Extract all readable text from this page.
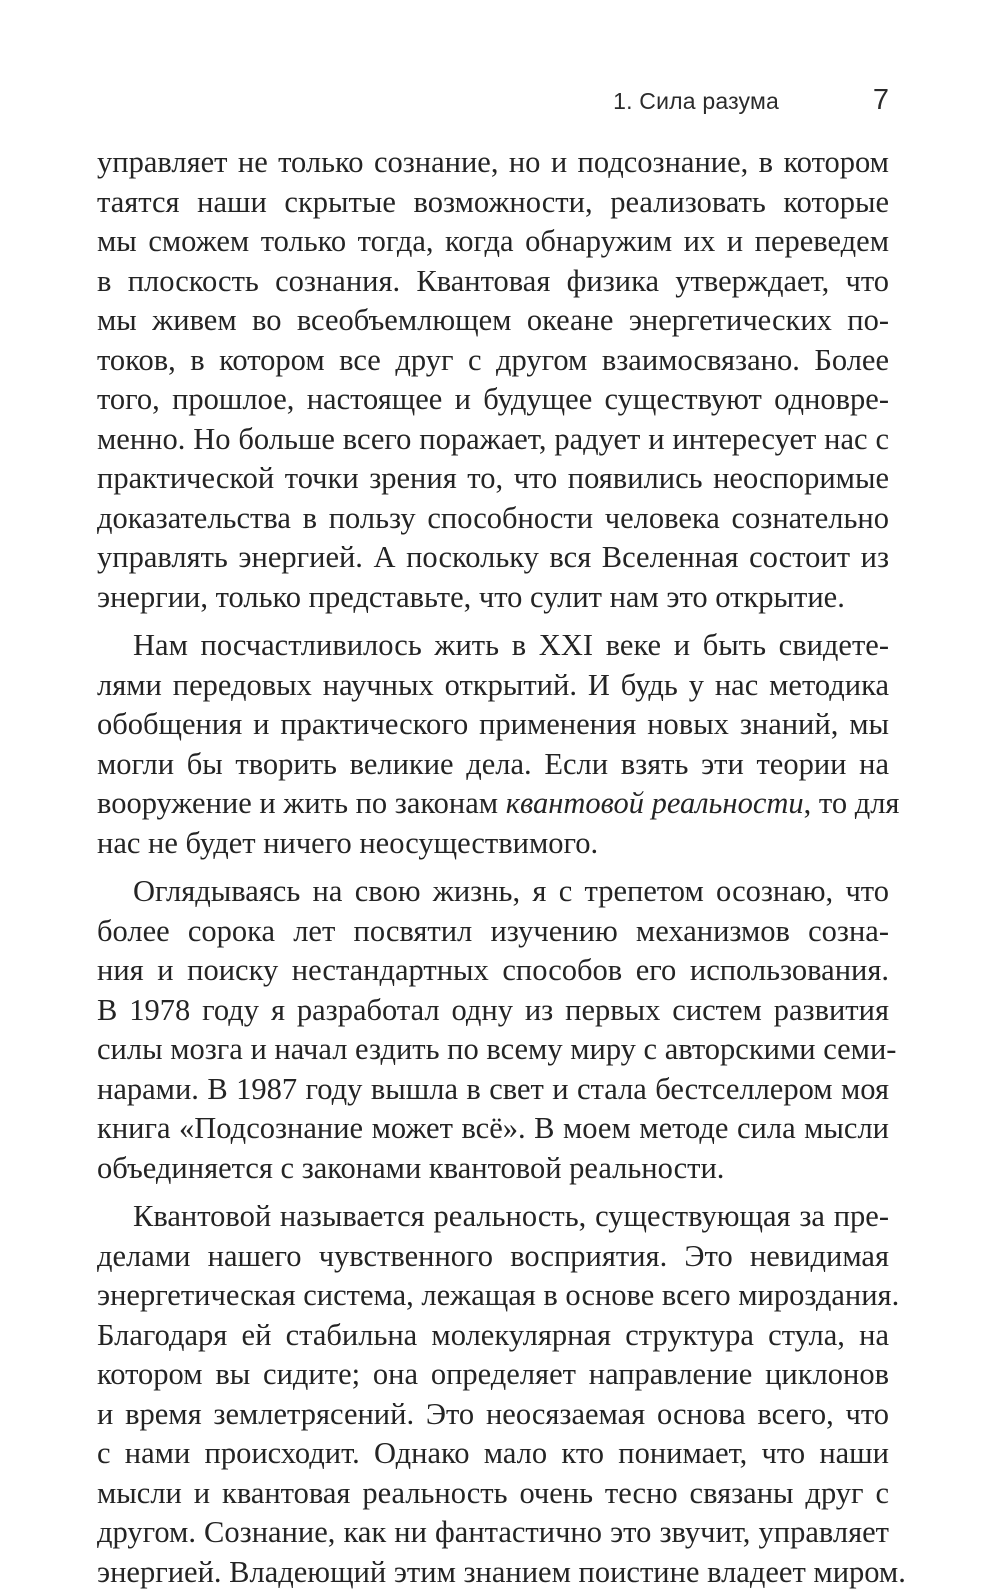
1. Сила разума	7
управляет не только сознание, но и подсознание, в котором
таятся наши скрытые возможности, реализовать которые
мы сможем только тогда, когда обнаружим их и переведем
в плоскость сознания. Квантовая физика утверждает, что
мы живем во всеобъемлющем океане энергетических по-
токов, в котором все друг с другом взаимосвязано. Более
того, прошлое, настоящее и будущее существуют одновре-
менно. Но больше всего поражает, радует и интересует нас с
практической точки зрения то, что появились неоспоримые
доказательства в пользу способности человека сознательно
управлять энергией. А поскольку вся Вселенная состоит из
энергии, только представьте, что сулит нам это открытие.
Нам посчастливилось жить в XXI веке и быть свидете-
лями передовых научных открытий. И будь у нас методика
обобщения и практического применения новых знаний, мы
могли бы творить великие дела. Если взять эти теории на
вооружение и жить по законам квантовой реальности, то для
нас не будет ничего неосуществимого.
Оглядываясь на свою жизнь, я с трепетом осознаю, что
более сорока лет посвятил изучению механизмов созна-
ния и поиску нестандартных способов его использования.
В 1978 году я разработал одну из первых систем развития
силы мозга и начал ездить по всему миру с авторскими семи-
нарами. В 1987 году вышла в свет и стала бестселлером моя
книга «Подсознание может всё». В моем методе сила мысли
объединяется с законами квантовой реальности.
Квантовой называется реальность, существующая за пре-
делами нашего чувственного восприятия. Это невидимая
энергетическая система, лежащая в основе всего мироздания.
Благодаря ей стабильна молекулярная структура стула, на
котором вы сидите; она определяет направление циклонов
и время землетрясений. Это неосязаемая основа всего, что
с нами происходит. Однако мало кто понимает, что наши
мысли и квантовая реальность очень тесно связаны друг с
другом. Сознание, как ни фантастично это звучит, управляет
энергией. Владеющий этим знанием поистине владеет миром.
